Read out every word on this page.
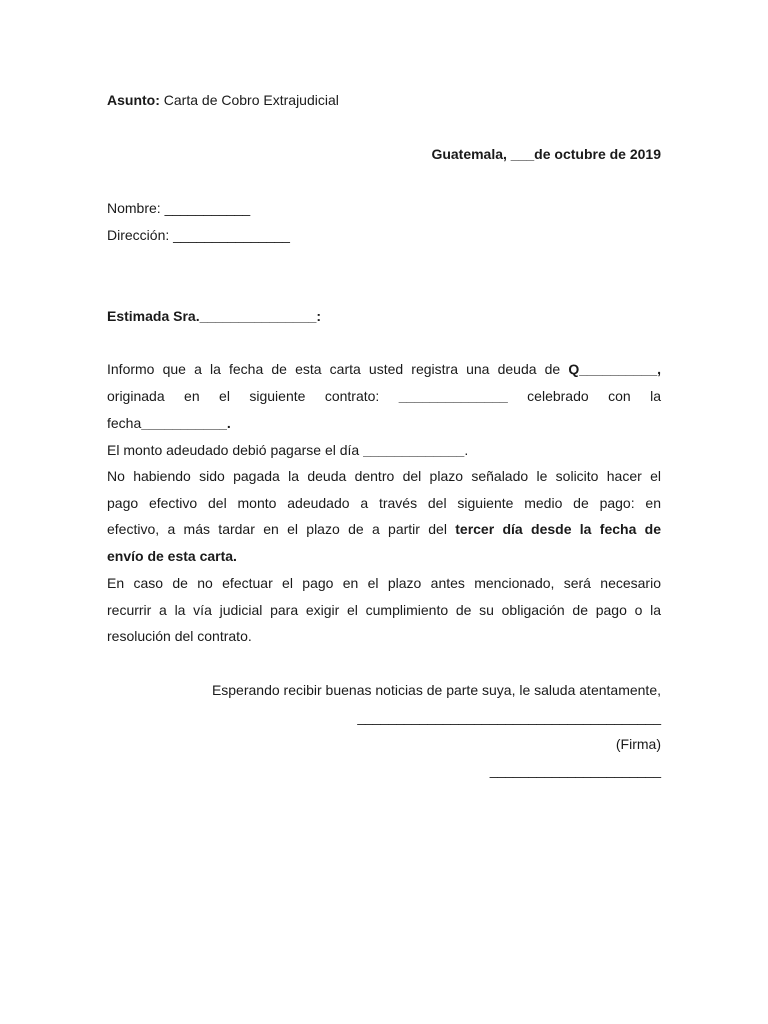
Asunto: Carta de Cobro Extrajudicial
Guatemala, ___de octubre de 2019
Nombre: ___________
Dirección: _______________
Estimada Sra._______________:
Informo que a la fecha de esta carta usted registra una deuda de Q__________,
originada en el siguiente contrato: ______________ celebrado con la
fecha___________.
El monto adeudado debió pagarse el día _____________.
No habiendo sido pagada la deuda dentro del plazo señalado le solicito hacer el
pago efectivo del monto adeudado a través del siguiente medio de pago: en
efectivo, a más tardar en el plazo de a partir del tercer día desde la fecha de
envío de esta carta.
En caso de no efectuar el pago en el plazo antes mencionado, será necesario
recurrir a la vía judicial para exigir el cumplimiento de su obligación de pago o la
resolución del contrato.
Esperando recibir buenas noticias de parte suya, le saluda atentamente,
_______________________________________
(Firma)
______________________
